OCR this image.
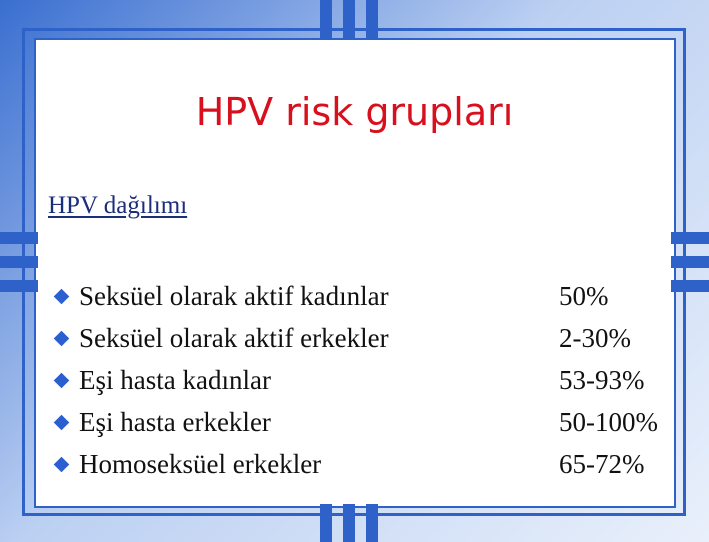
HPV risk grupları
HPV dağılımı
Seksüel olarak aktif kadınlar	50%
Seksüel olarak aktif erkekler	2-30%
Eşi hasta kadınlar	53-93%
Eşi hasta erkekler	50-100%
Homoseksüel erkekler	65-72%
